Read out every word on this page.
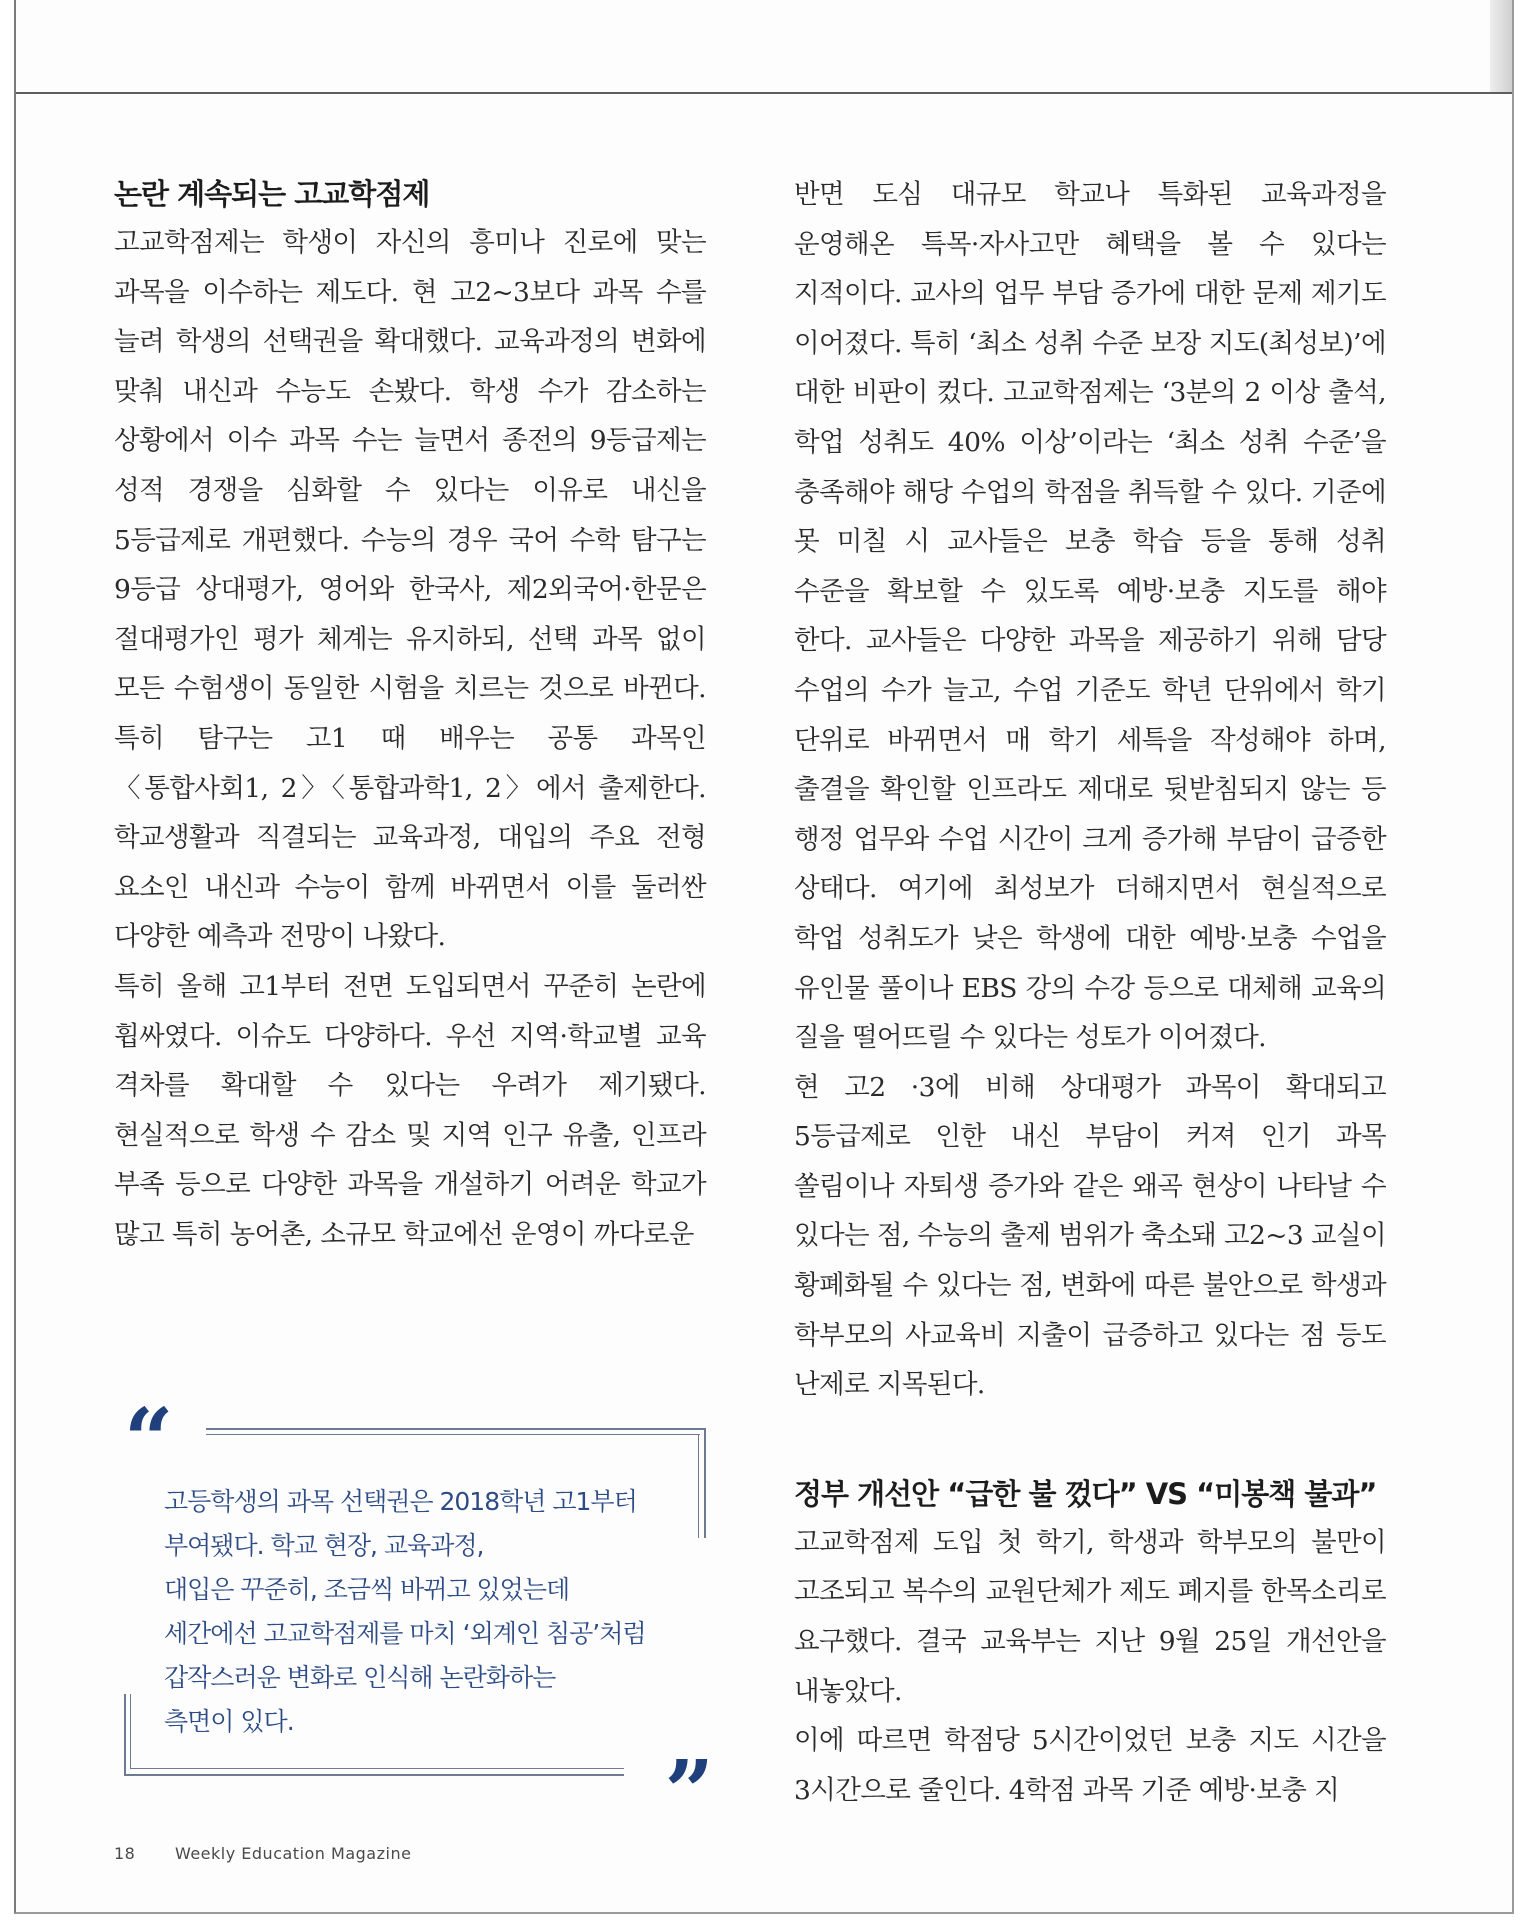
논란 계속되는 고교학점제

고교학점제는 학생이 자신의 흥미나 진로에 맞는 과목을 이수하는 제도다. 현 고2~3보다 과목 수를 늘려 학생의 선택권을 확대했다. 교육과정의 변화에 맞춰 내신과 수능도 손봤다. 학생 수가 감소하는 상황에서 이수 과목 수는 늘면서 종전의 9등급제는 성적 경쟁을 심화할 수 있다는 이유로 내신을 5등급제로 개편했다. 수능의 경우 국어 수학 탐구는 9등급 상대평가, 영어와 한국사, 제2외국어·한문은 절대평가인 평가 체계는 유지하되, 선택 과목 없이 모든 수험생이 동일한 시험을 치르는 것으로 바뀐다. 특히 탐구는 고1 때 배우는 공통 과목인 〈통합사회1, 2〉〈통합과학1, 2〉에서 출제한다. 학교생활과 직결되는 교육과정, 대입의 주요 전형 요소인 내신과 수능이 함께 바뀌면서 이를 둘러싼 다양한 예측과 전망이 나왔다.

특히 올해 고1부터 전면 도입되면서 꾸준히 논란에 휩싸였다. 이슈도 다양하다. 우선 지역·학교별 교육 격차를 확대할 수 있다는 우려가 제기됐다. 현실적으로 학생 수 감소 및 지역 인구 유출, 인프라 부족 등으로 다양한 과목을 개설하기 어려운 학교가 많고 특히 농어촌, 소규모 학교에선 운영이 까다로운

“
고등학생의 과목 선택권은 2018학년 고1부터
부여됐다. 학교 현장, 교육과정,
대입은 꾸준히, 조금씩 바뀌고 있었는데
세간에선 고교학점제를 마치 ‘외계인 침공’처럼
갑작스러운 변화로 인식해 논란화하는
측면이 있다.
”

반면 도심 대규모 학교나 특화된 교육과정을 운영해온 특목·자사고만 혜택을 볼 수 있다는 지적이다. 교사의 업무 부담 증가에 대한 문제 제기도 이어졌다. 특히 ‘최소 성취 수준 보장 지도(최성보)’에 대한 비판이 컸다. 고교학점제는 ‘3분의 2 이상 출석, 학업 성취도 40% 이상’이라는 ‘최소 성취 수준’을 충족해야 해당 수업의 학점을 취득할 수 있다. 기준에 못 미칠 시 교사들은 보충 학습 등을 통해 성취 수준을 확보할 수 있도록 예방·보충 지도를 해야 한다. 교사들은 다양한 과목을 제공하기 위해 담당 수업의 수가 늘고, 수업 기준도 학년 단위에서 학기 단위로 바뀌면서 매 학기 세특을 작성해야 하며, 출결을 확인할 인프라도 제대로 뒷받침되지 않는 등 행정 업무와 수업 시간이 크게 증가해 부담이 급증한 상태다. 여기에 최성보가 더해지면서 현실적으로 학업 성취도가 낮은 학생에 대한 예방·보충 수업을 유인물 풀이나 EBS 강의 수강 등으로 대체해 교육의 질을 떨어뜨릴 수 있다는 성토가 이어졌다.

현 고2 ·3에 비해 상대평가 과목이 확대되고 5등급제로 인한 내신 부담이 커져 인기 과목 쏠림이나 자퇴생 증가와 같은 왜곡 현상이 나타날 수 있다는 점, 수능의 출제 범위가 축소돼 고2~3 교실이 황폐화될 수 있다는 점, 변화에 따른 불안으로 학생과 학부모의 사교육비 지출이 급증하고 있다는 점 등도 난제로 지목된다.

정부 개선안 “급한 불 껐다” VS “미봉책 불과”

고교학점제 도입 첫 학기, 학생과 학부모의 불만이 고조되고 복수의 교원단체가 제도 폐지를 한목소리로 요구했다. 결국 교육부는 지난 9월 25일 개선안을 내놓았다.

이에 따르면 학점당 5시간이었던 보충 지도 시간을 3시간으로 줄인다. 4학점 과목 기준 예방·보충 지

18 Weekly Education Magazine
